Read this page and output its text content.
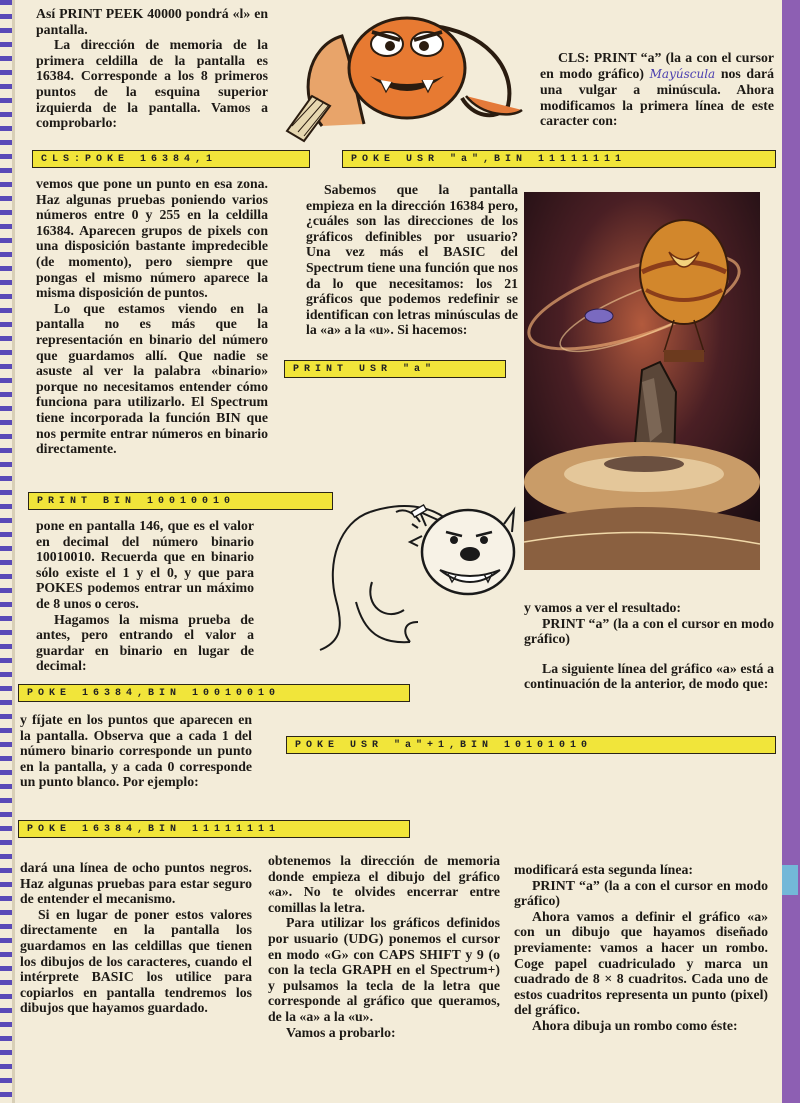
Así PRINT PEEK 40000 pondrá «l» en pantalla.

La dirección de memoria de la primera celdilla de la pantalla es 16384. Corresponde a los 8 primeros puntos de la esquina superior izquierda de la pantalla. Vamos a comprobarlo:

CLS:POKE 16384,1

vemos que pone un punto en esa zona. Haz algunas pruebas poniendo varios números entre 0 y 255 en la celdilla 16384. Aparecen grupos de pixels con una disposición bastante impredecible (de momento), pero siempre que pongas el mismo número aparece la misma disposición de puntos.

Lo que estamos viendo en la pantalla no es más que la representación en binario del número que guardamos allí. Que nadie se asuste al ver la palabra «binario» porque no necesitamos entender cómo funciona para utilizarlo. El Spectrum tiene incorporada la función BIN que nos permite entrar números en binario directamente.

PRINT BIN 10010010

pone en pantalla 146, que es el valor en decimal del número binario 10010010. Recuerda que en binario sólo existe el 1 y el 0, y que para POKES podemos entrar un máximo de 8 unos o ceros.

Hagamos la misma prueba de antes, pero entrando el valor a guardar en binario en lugar de decimal:

POKE 16384,BIN 10010010

y fíjate en los puntos que aparecen en la pantalla. Observa que a cada 1 del número binario corresponde un punto en la pantalla, y a cada 0 corresponde un punto blanco. Por ejemplo:

POKE 16384,BIN 11111111

dará una línea de ocho puntos negros. Haz algunas pruebas para estar seguro de entender el mecanismo.

Si en lugar de poner estos valores directamente en la pantalla los guardamos en las celdillas que tienen los dibujos de los caracteres, cuando el intérprete BASIC los utilice para copiarlos en pantalla tendremos los dibujos que hayamos guardado.

POKE USR "a",BIN 11111111

Sabemos que la pantalla empieza en la dirección 16384 pero, ¿cuáles son las direcciones de los gráficos definibles por usuario? Una vez más el BASIC del Spectrum tiene una función que nos da lo que necesitamos: los 21 gráficos que podemos redefinir se identifican con letras minúsculas de la «a» a la «u». Si hacemos:

PRINT USR "a"

obtenemos la dirección de memoria donde empieza el dibujo del gráfico «a». No te olvides encerrar entre comillas la letra.

Para utilizar los gráficos definidos por usuario (UDG) ponemos el cursor en modo «G» con CAPS SHIFT y 9 (o con la tecla GRAPH en el Spectrum+) y pulsamos la tecla de la letra que corresponde al gráfico que queramos, de la «a» a la «u».

Vamos a probarlo:

CLS: PRINT “a” (la a con el cursor en modo gráfico) Mayúscula nos dará una vulgar a minúscula. Ahora modificamos la primera línea de este caracter con:

y vamos a ver el resultado:

PRINT “a” (la a con el cursor en modo gráfico)

La siguiente línea del gráfico «a» está a continuación de la anterior, de modo que:

POKE USR "a"+1,BIN 10101010

modificará esta segunda línea:

PRINT “a” (la a con el cursor en modo gráfico)

Ahora vamos a definir el gráfico «a» con un dibujo que hayamos diseñado previamente: vamos a hacer un rombo. Coge papel cuadriculado y marca un cuadrado de 8 × 8 cuadritos. Cada uno de estos cuadritos representa un punto (pixel) del gráfico.

Ahora dibuja un rombo como éste:
